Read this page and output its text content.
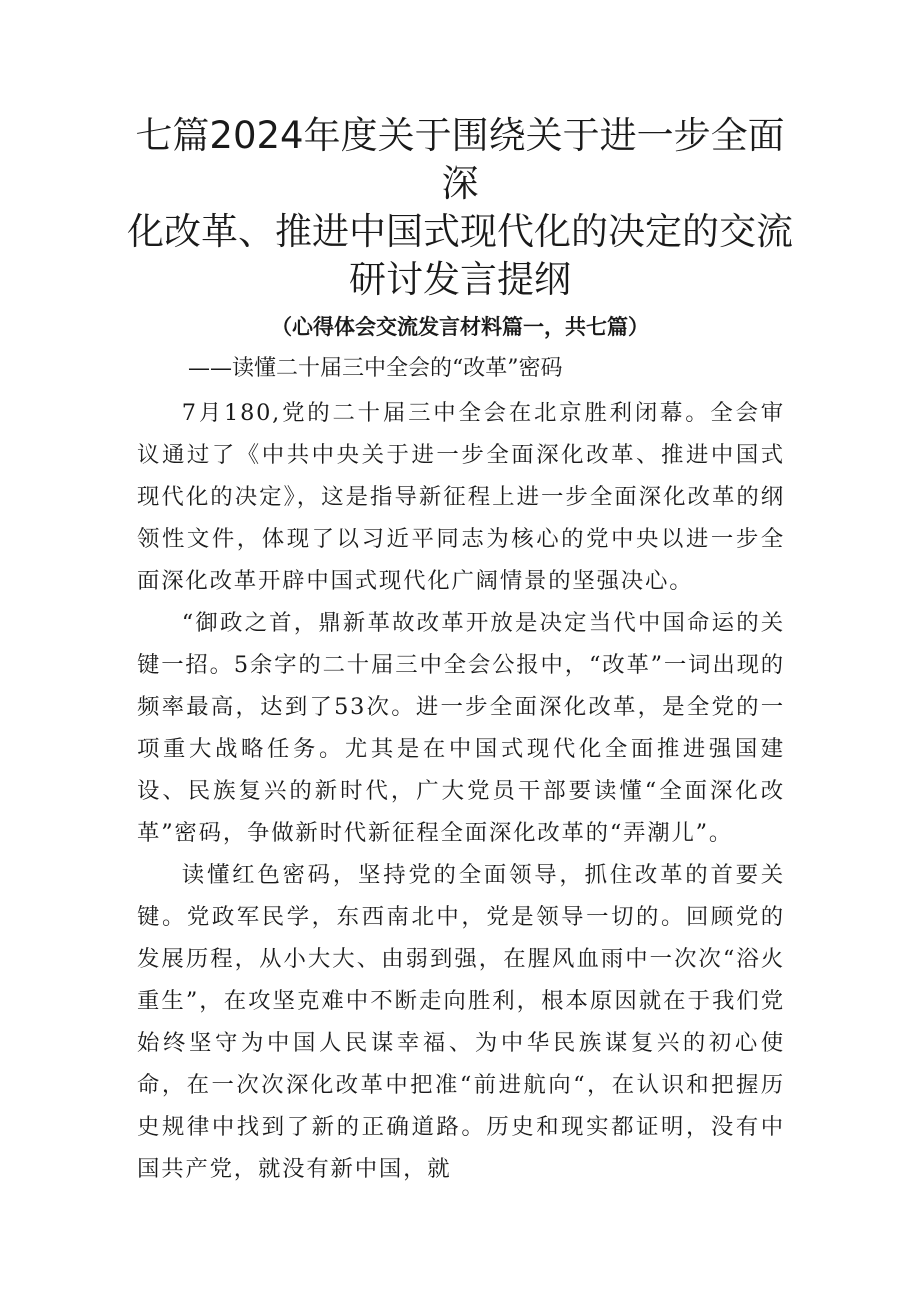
七篇2024年度关于围绕关于进一步全面深
化改革、推进中国式现代化的决定的交流
研讨发言提纲
（心得体会交流发言材料篇一，共七篇）
——读懂二十届三中全会的“改革”密码

7月180,党的二十届三中全会在北京胜利闭幕。全会审议通过了《中共中央关于进一步全面深化改革、推进中国式现代化的决定》，这是指导新征程上进一步全面深化改革的纲领性文件，体现了以习近平同志为核心的党中央以进一步全面深化改革开辟中国式现代化广阔情景的坚强决心。

“御政之首，鼎新革故改革开放是决定当代中国命运的关键一招。5余字的二十届三中全会公报中，“改革”一词出现的频率最高，达到了53次。进一步全面深化改革，是全党的一项重大战略任务。尤其是在中国式现代化全面推进强国建设、民族复兴的新时代，广大党员干部要读懂“全面深化改革”密码，争做新时代新征程全面深化改革的“弄潮儿”。

读懂红色密码，坚持党的全面领导，抓住改革的首要关键。党政军民学，东西南北中，党是领导一切的。回顾党的发展历程，从小大大、由弱到强，在腥风血雨中一次次“浴火重生”，在攻坚克难中不断走向胜利，根本原因就在于我们党始终坚守为中国人民谋幸福、为中华民族谋复兴的初心使命，在一次次深化改革中把准“前进航向“，在认识和把握历史规律中找到了新的正确道路。历史和现实都证明，没有中国共产党，就没有新中国，就
